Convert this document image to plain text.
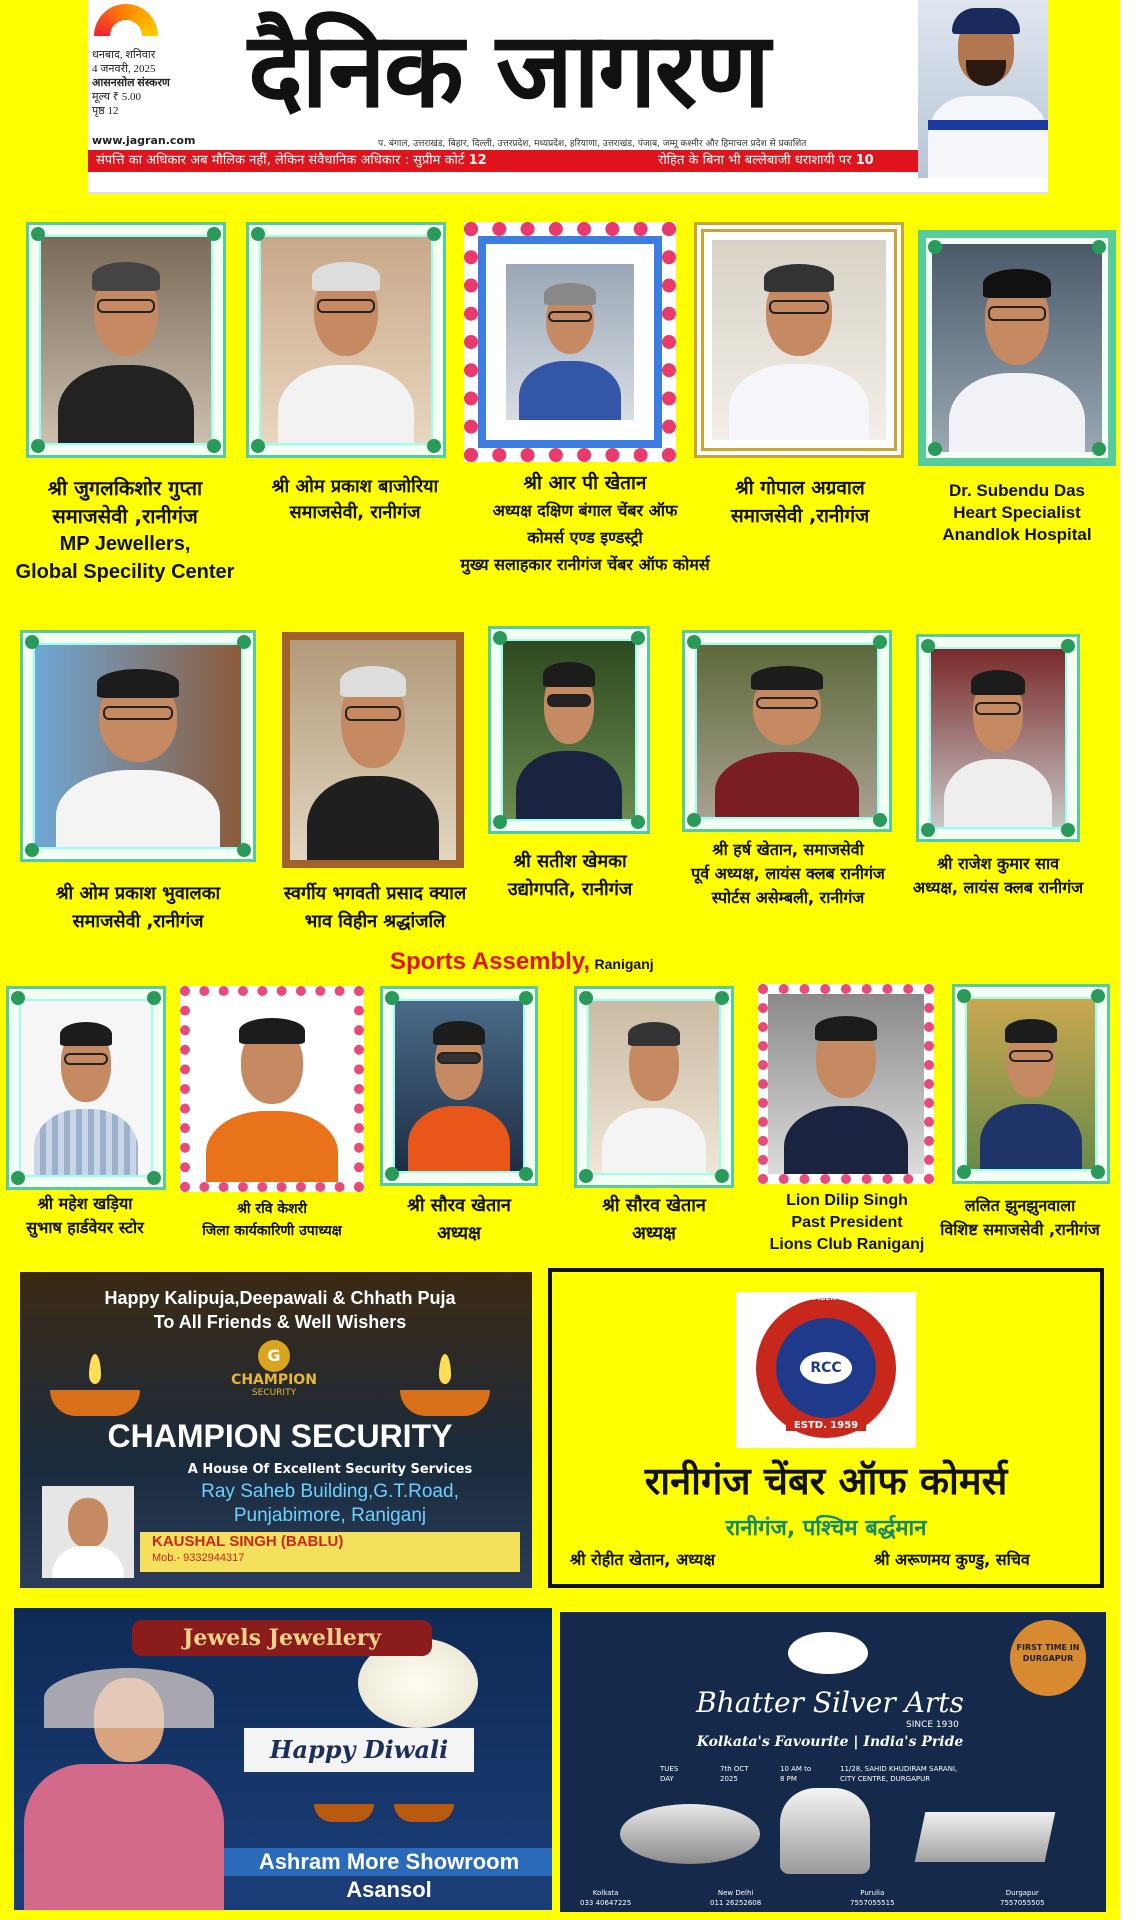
धनबाद, शनिवार
4 जनवरी, 2025
आसनसोल संस्करण
मूल्य ₹ 5.00
पृष्ठ 12	दैनिक जागरण
www.jagran.com	प. बंगाल, उत्तराखंड, बिहार, दिल्ली, उत्तरप्रदेश, मध्यप्रदेश, हरियाणा, उत्तराखंड, पंजाब, जम्मू कश्मीर और हिमाचल प्रदेश से प्रकाशित
संपत्ति का अधिकार अब मौलिक नहीं, लेकिन संवैधानिक अधिकार : सुप्रीम कोर्ट 12	रोहित के बिना भी बल्लेबाजी धराशायी पर 10
श्री जुगलकिशोर गुप्ता
समाजसेवी ,रानीगंज
MP Jewellers,
Global Specility Center
श्री ओम प्रकाश बाजोरिया
समाजसेवी, रानीगंज
श्री आर पी खेतान
अध्यक्ष दक्षिण बंगाल चेंबर ऑफ
कोमर्स एण्ड इण्डस्ट्री
मुख्य सलाहकार रानीगंज चेंबर ऑफ कोमर्स
श्री गोपाल अग्रवाल
समाजसेवी ,रानीगंज
Dr. Subendu Das
Heart Specialist
Anandlok Hospital
श्री ओम प्रकाश भुवालका
समाजसेवी ,रानीगंज
स्वर्गीय भगवती प्रसाद क्याल
भाव विहीन श्रद्धांजलि
श्री सतीश खेमका
उद्योगपति, रानीगंज
श्री हर्ष खेतान, समाजसेवी
पूर्व अध्यक्ष, लायंस क्लब रानीगंज
स्पोर्टस असेम्बली, रानीगंज
श्री राजेश कुमार साव
अध्यक्ष, लायंस क्लब रानीगंज
Sports Assembly, Raniganj
श्री महेश खड़िया
सुभाष हार्डवेयर स्टोर
श्री रवि केशरी
जिला कार्यकारिणी उपाध्यक्ष
श्री सौरव खेतान
अध्यक्ष
श्री सौरव खेतान
अध्यक्ष
Lion Dilip Singh
Past President
Lions Club Raniganj
ललित झुनझुनवाला
विशिष्ट समाजसेवी ,रानीगंज
Happy Kalipuja,Deepawali & Chhath Puja
To All Friends & Well Wishers
G
CHAMPION
SECURITY
CHAMPION SECURITY
A House Of Excellent Security Services
Ray Saheb Building,G.T.Road,
Punjabimore, Raniganj
KAUSHAL SINGH (BABLU)
Mob.- 9332944317
RANIGANJ CHAMBER OF COMMERCE
RCC
ESTD. 1959
रानीगंज चेंबर ऑफ कोमर्स
रानीगंज, पश्चिम बर्द्धमान
श्री रोहीत खेतान, अध्यक्ष	श्री अरूणमय कुण्डु, सचिव
Jewels Jewellery
Happy Diwali
Ashram More Showroom
Asansol
FIRST TIME IN DURGAPUR
Bhatter Silver Arts
SINCE 1930
Kolkata's Favourite | India's Pride
TUES
DAY
7th OCT
2025
10 AM to
8 PM
11/28, SAHID KHUDIRAM SARANI,
CITY CENTRE, DURGAPUR
Kolkata
033 40647225
New Delhi
011 26252608
Purulia
7557055515
Durgapur
7557055505
